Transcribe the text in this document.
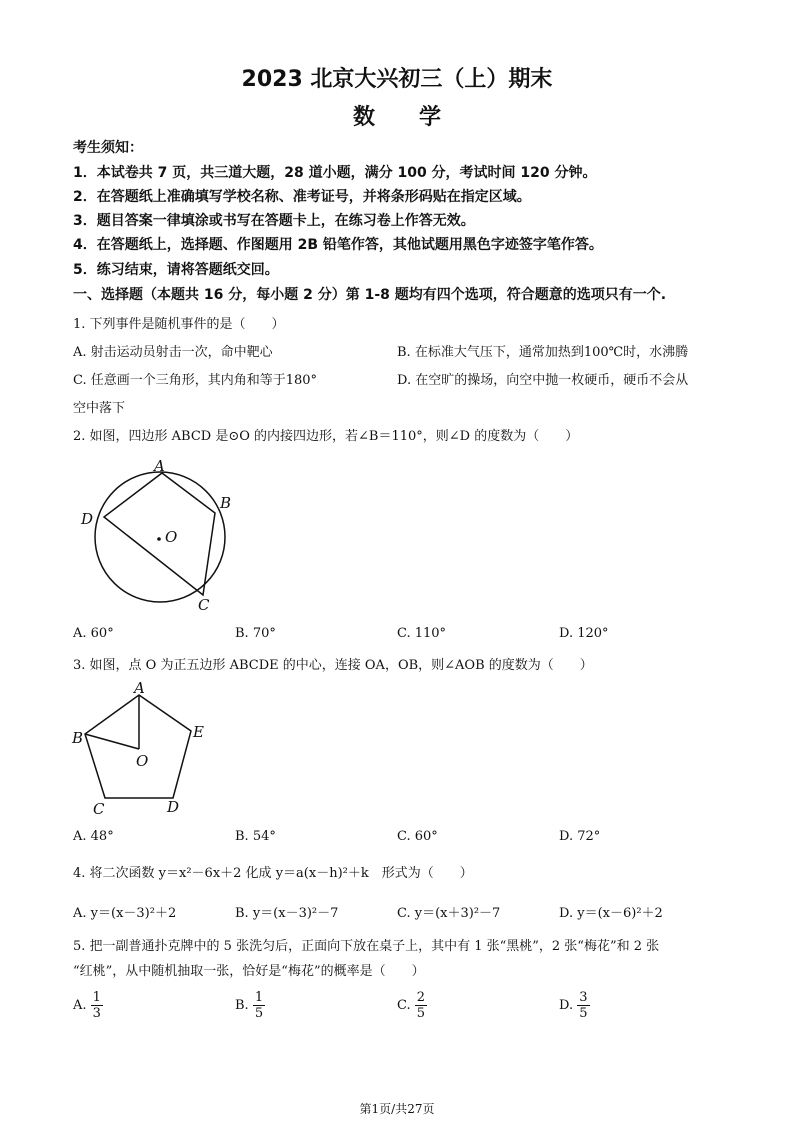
2023 北京大兴初三（上）期末
数学
考生须知：
1．本试卷共 7 页，共三道大题，28 道小题，满分 100 分，考试时间 120 分钟。
2．在答题纸上准确填写学校名称、准考证号，并将条形码贴在指定区域。
3．题目答案一律填涂或书写在答题卡上，在练习卷上作答无效。
4．在答题纸上，选择题、作图题用 2B 铅笔作答，其他试题用黑色字迹签字笔作答。
5．练习结束，请将答题纸交回。
一、选择题（本题共 16 分，每小题 2 分）第 1-8 题均有四个选项，符合题意的选项只有一个.
1. 下列事件是随机事件的是（　　）
A. 射击运动员射击一次，命中靶心	B. 在标准大气压下，通常加热到100℃时，水沸腾
C. 任意画一个三角形，其内角和等于180°	D. 在空旷的操场，向空中抛一枚硬币，硬币不会从
空中落下
2. 如图，四边形 ABCD 是⊙O 的内接四边形，若∠B＝110°，则∠D 的度数为（　　）
A
B
C
D
O
A. 60°	B. 70°	C. 110°	D. 120°
3. 如图，点 O 为正五边形 ABCDE 的中心，连接 OA，OB，则∠AOB 的度数为（　　）
A
B
C	D
E
O
A. 48°	B. 54°	C. 60°	D. 72°
4. 将二次函数 y＝x²－6x＋2 化成 y＝a(x－h)²＋k　形式为（　　）
A. y＝(x－3)²＋2	B. y＝(x－3)²－7	C. y＝(x＋3)²－7	D. y＝(x－6)²＋2
5. 把一副普通扑克牌中的 5 张洗匀后，正面向下放在桌子上，其中有 1 张“黑桃”，2 张“梅花”和 2 张
“红桃”，从中随机抽取一张，恰好是“梅花”的概率是（　　）
A. $\frac{1}{3}$	B. $\frac{1}{5}$	C. $\frac{2}{5}$	D. $\frac{3}{5}$
第1页/共27页
